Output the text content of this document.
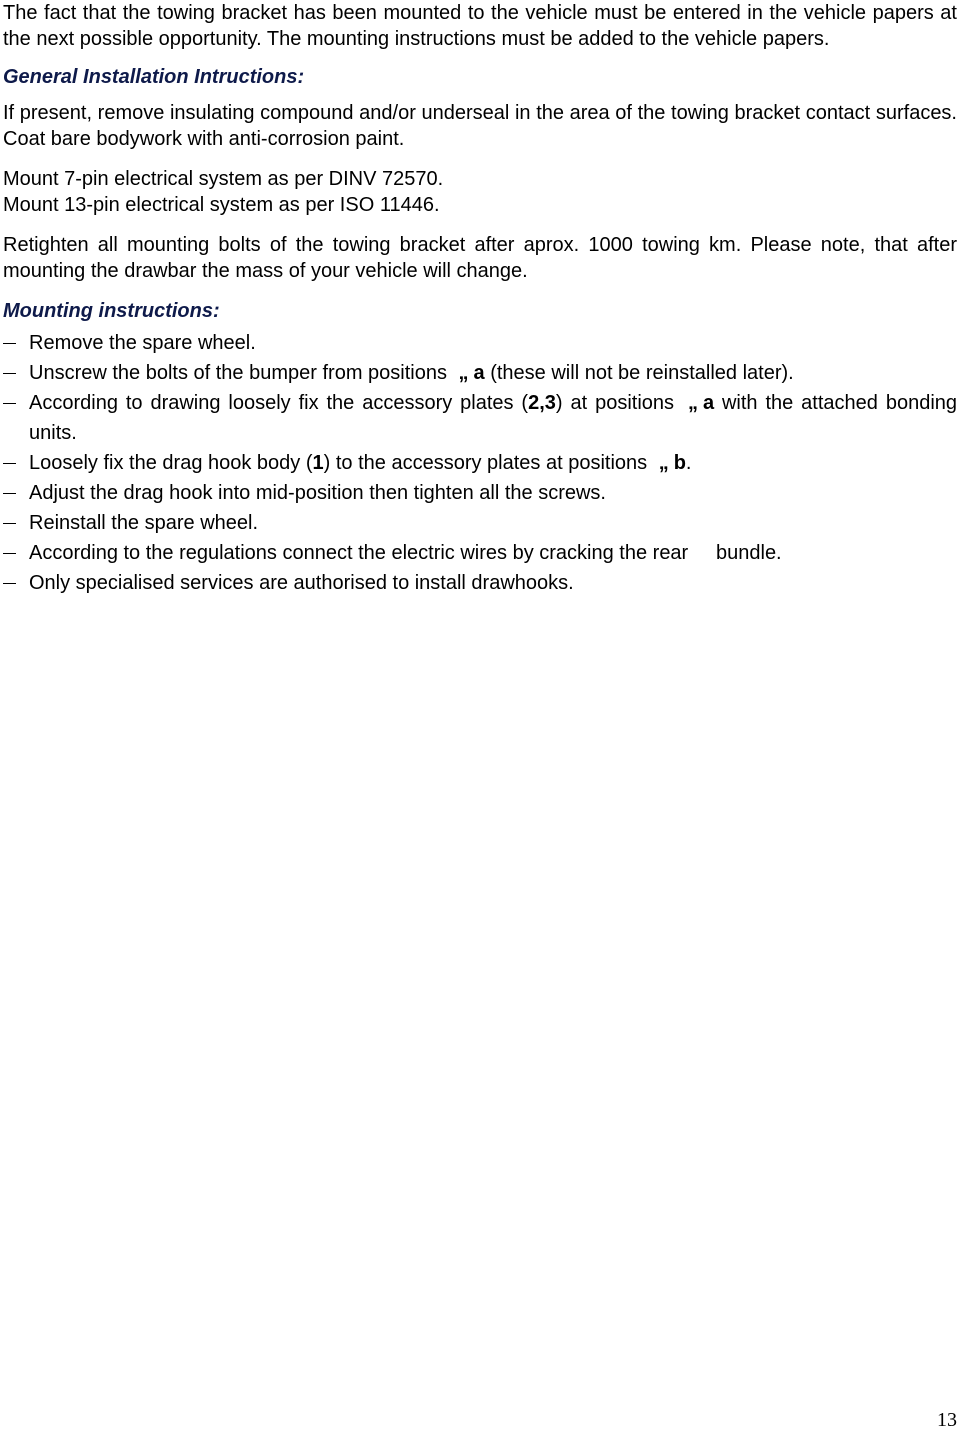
The fact that the towing bracket has been mounted to the vehicle must be entered in the vehicle papers at the next possible opportunity. The mounting instructions must be added to the vehicle papers.

General Installation Intructions:

If present, remove insulating compound and/or underseal in the area of the towing bracket contact surfaces. Coat bare bodywork with anti-corrosion paint.

Mount 7-pin electrical system as per DINV 72570.

Mount 13-pin electrical system as per ISO 11446.

Retighten all mounting bolts of the towing bracket after aprox. 1000 towing km. Please note, that after mounting the drawbar the mass of your vehicle will change.

Mounting instructions:

Remove the spare wheel.
Unscrew the bolts of the bumper from positions „ a (these will not be reinstalled later).
According to drawing loosely fix the accessory plates (2,3) at positions „ a with the attached bonding units.
Loosely fix the drag hook body (1) to the accessory plates at positions „ b.
Adjust the drag hook into mid-position then tighten all the screws.
Reinstall the spare wheel.
According to the regulations connect the electric wires by cracking the rear     bundle.
Only specialised services are authorised to install drawhooks.
13
